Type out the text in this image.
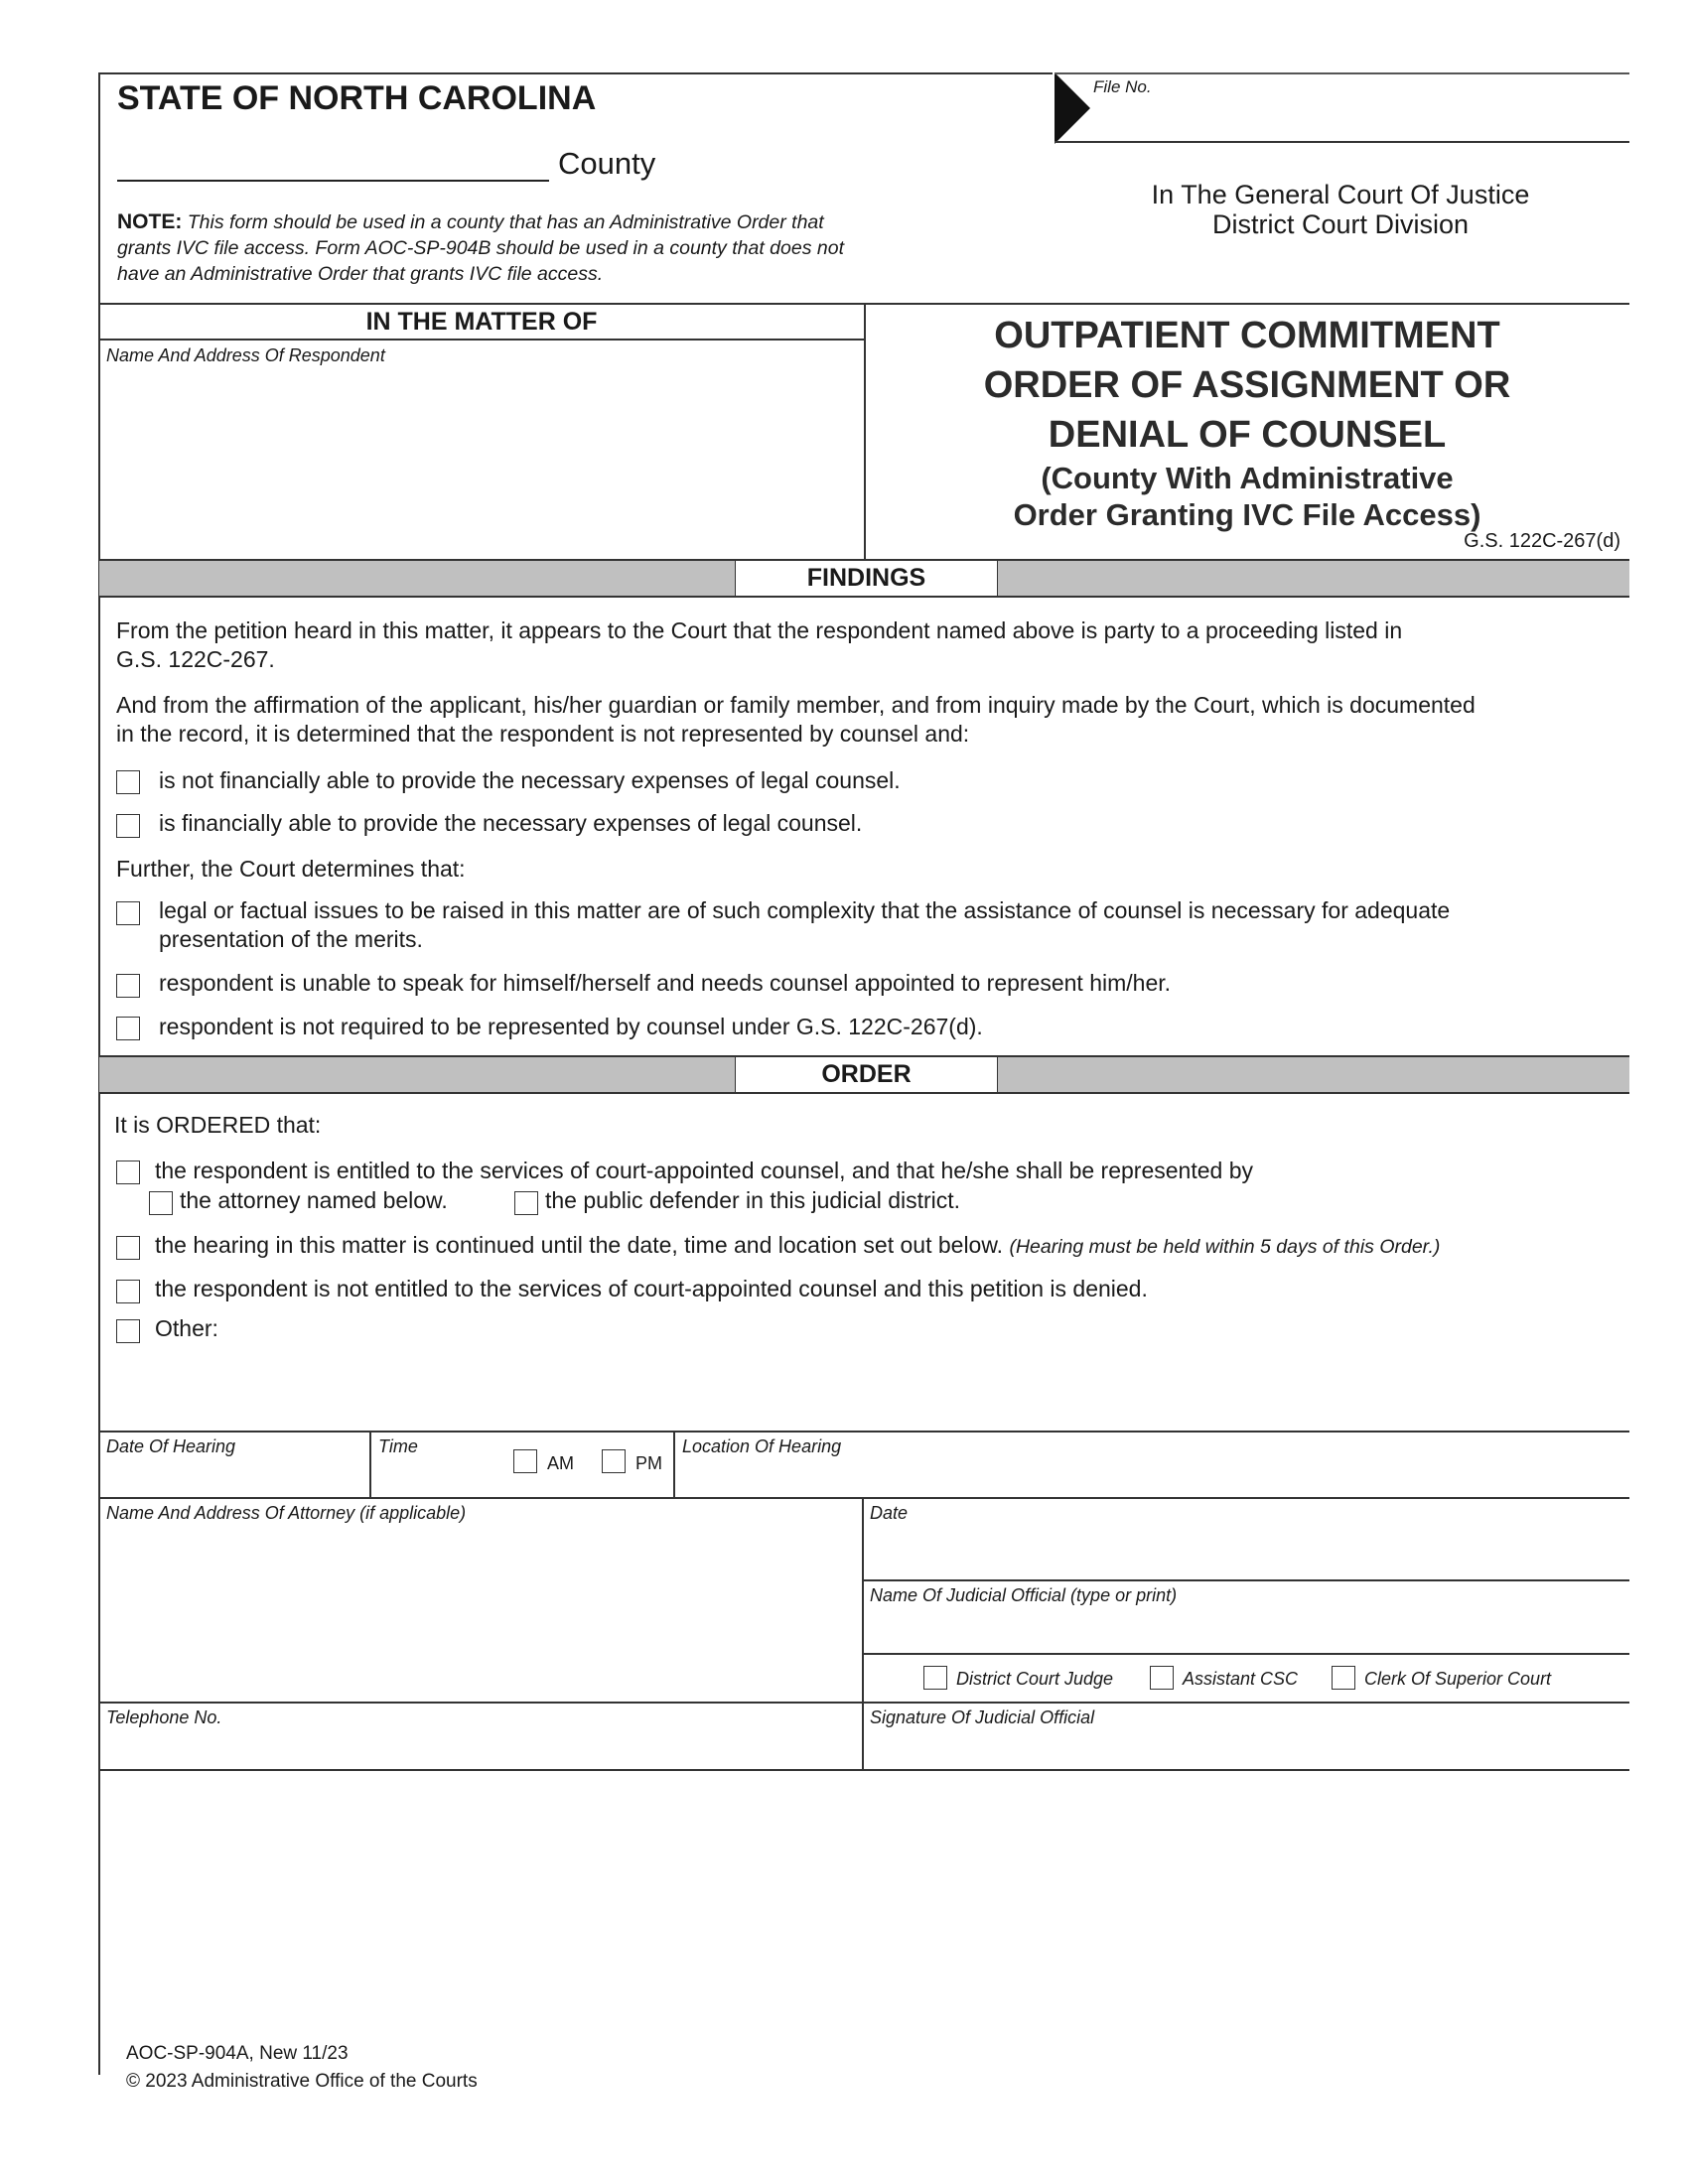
STATE OF NORTH CAROLINA
County
NOTE: This form should be used in a county that has an Administrative Order that
grants IVC file access. Form AOC-SP-904B should be used in a county that does not
have an Administrative Order that grants IVC file access.
File No.
In The General Court Of Justice
District Court Division
IN THE MATTER OF
Name And Address Of Respondent	OUTPATIENT COMMITMENT
ORDER OF ASSIGNMENT OR
DENIAL OF COUNSEL
(County With Administrative
Order Granting IVC File Access)
G.S. 122C-267(d)
FINDINGS
From the petition heard in this matter, it appears to the Court that the respondent named above is party to a proceeding listed in
G.S. 122C-267.
And from the affirmation of the applicant, his/her guardian or family member, and from inquiry made by the Court, which is documented
in the record, it is determined that the respondent is not represented by counsel and:
is not financially able to provide the necessary expenses of legal counsel.
is financially able to provide the necessary expenses of legal counsel.
Further, the Court determines that:
legal or factual issues to be raised in this matter are of such complexity that the assistance of counsel is necessary for adequate
presentation of the merits.
respondent is unable to speak for himself/herself and needs counsel appointed to represent him/her.
respondent is not required to be represented by counsel under G.S. 122C-267(d).
ORDER
It is ORDERED that:
the respondent is entitled to the services of court-appointed counsel, and that he/she shall be represented by
the attorney named below.	the public defender in this judicial district.
the hearing in this matter is continued until the date, time and location set out below. (Hearing must be held within 5 days of this Order.)
the respondent is not entitled to the services of court-appointed counsel and this petition is denied.
Other:
Date Of Hearing	Time
AM	PM
Location Of Hearing
Name And Address Of Attorney (if applicable)	Date
Name Of Judicial Official (type or print)
District Court Judge	Assistant CSC	Clerk Of Superior Court
Telephone No.	Signature Of Judicial Official
AOC-SP-904A, New 11/23
© 2023 Administrative Office of the Courts
